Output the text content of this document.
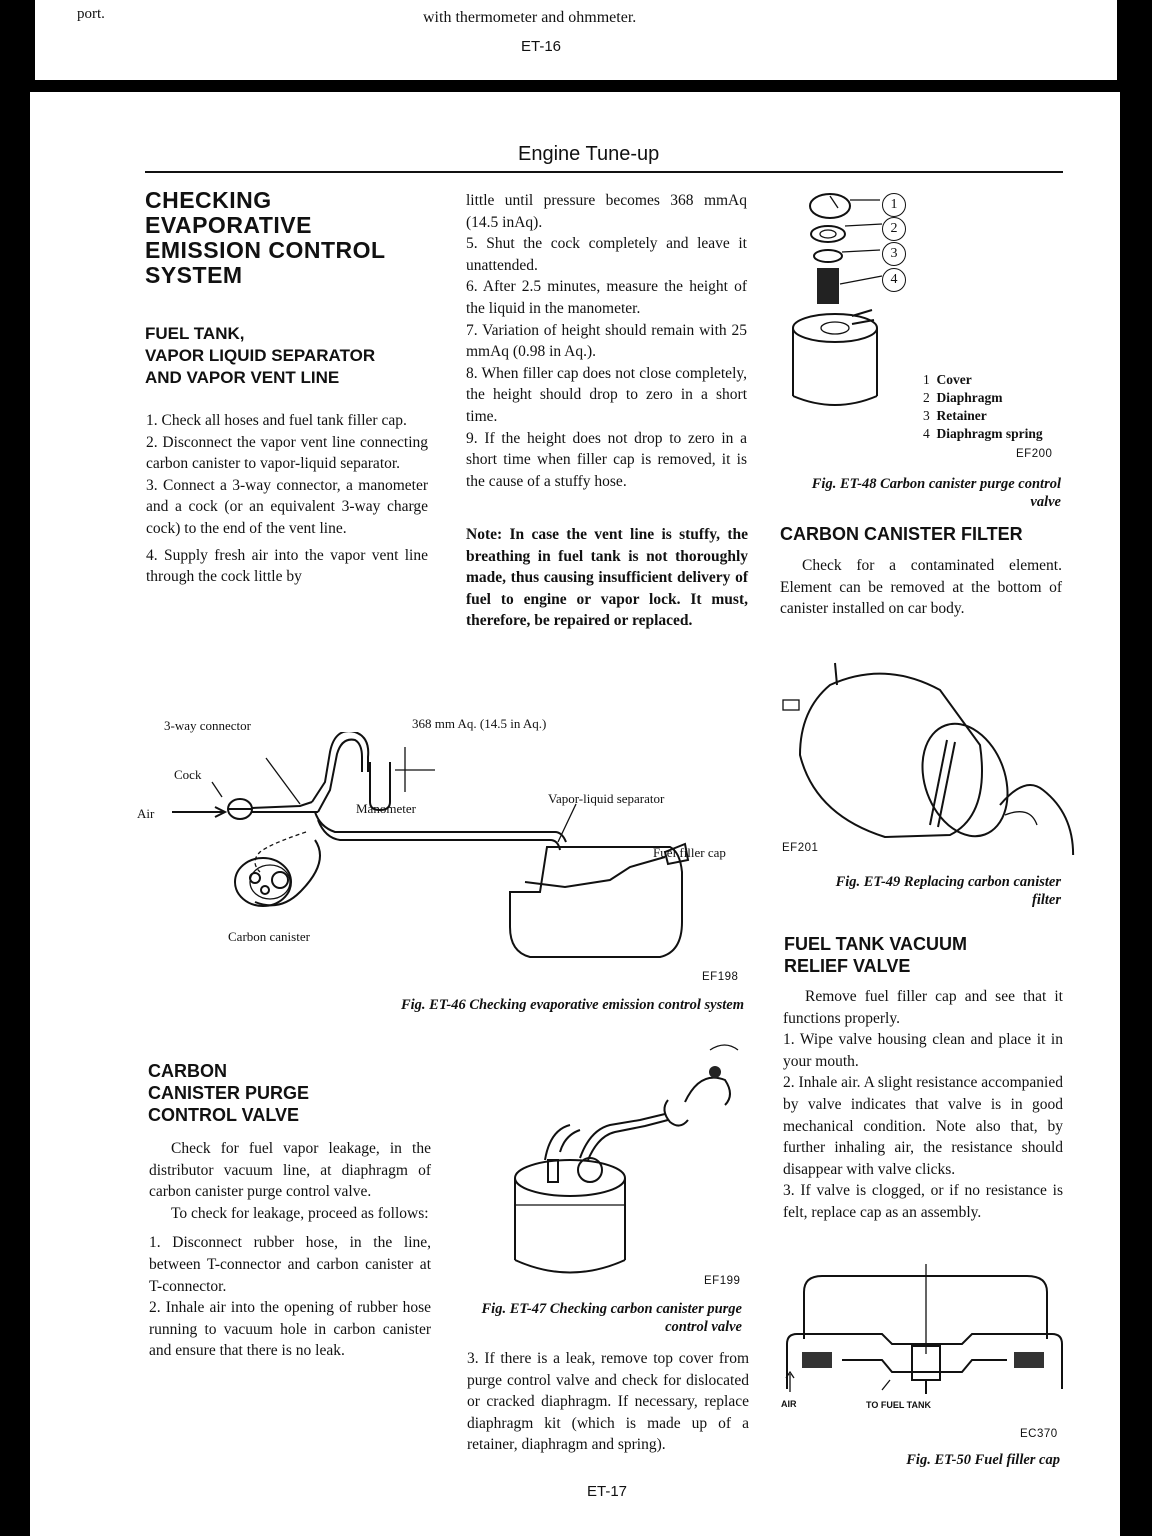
port.	with thermometer and ohmmeter.
ET-16
Engine Tune-up
CHECKING
EVAPORATIVE
EMISSION CONTROL
SYSTEM
FUEL TANK,
VAPOR LIQUID SEPARATOR
AND VAPOR VENT LINE

1. Check all hoses and fuel tank filler cap.

2. Disconnect the vapor vent line connecting carbon canister to vapor-liquid separator.

3. Connect a 3-way connector, a manometer and a cock (or an equivalent 3-way charge cock) to the end of the vent line.

4. Supply fresh air into the vapor vent line through the cock little by

little until pressure becomes 368 mmAq (14.5 inAq).

5. Shut the cock completely and leave it unattended.

6. After 2.5 minutes, measure the height of the liquid in the manometer.

7. Variation of height should remain with 25 mmAq (0.98 in Aq.).

8. When filler cap does not close completely, the height should drop to zero in a short time.

9. If the height does not drop to zero in a short time when filler cap is removed, it is the cause of a stuffy hose.

Note: In case the vent line is stuffy, the breathing in fuel tank is not thoroughly made, thus causing insufficient delivery of fuel to engine or vapor lock. It must, therefore, be repaired or replaced.
1
2
3
4
1 Cover
2 Diaphragm
3 Retainer
4 Diaphragm spring
EF200
Fig. ET-48 Carbon canister purge control valve
CARBON CANISTER FILTER
Check for a contaminated element. Element can be removed at the bottom of canister installed on car body.
EF201
Fig. ET-49 Replacing carbon canister filter
FUEL TANK VACUUM
RELIEF VALVE

Remove fuel filler cap and see that it functions properly.

1. Wipe valve housing clean and place it in your mouth.

2. Inhale air. A slight resistance accompanied by valve indicates that valve is in good mechanical condition. Note also that, by further inhaling air, the resistance should disappear with valve clicks.

3. If valve is clogged, or if no resistance is felt, replace cap as an assembly.

AIR	TO FUEL TANK
EC370
Fig. ET-50 Fuel filler cap
3-way connector	368 mm Aq. (14.5 in Aq.)
Cock
Air	Manometer
Vapor-liquid separator
Fuel filler cap
Carbon canister
EF198
Fig. ET-46 Checking evaporative emission control system
CARBON
CANISTER PURGE
CONTROL VALVE

Check for fuel vapor leakage, in the distributor vacuum line, at diaphragm of carbon canister purge control valve.

To check for leakage, proceed as follows:

1. Disconnect rubber hose, in the line, between T-connector and carbon canister at T-connector.

2. Inhale air into the opening of rubber hose running to vacuum hole in carbon canister and ensure that there is no leak.

EF199
Fig. ET-47 Checking carbon canister purge control valve
3. If there is a leak, remove top cover from purge control valve and check for dislocated or cracked diaphragm. If necessary, replace diaphragm kit (which is made up of a retainer, diaphragm and spring).
ET-17
